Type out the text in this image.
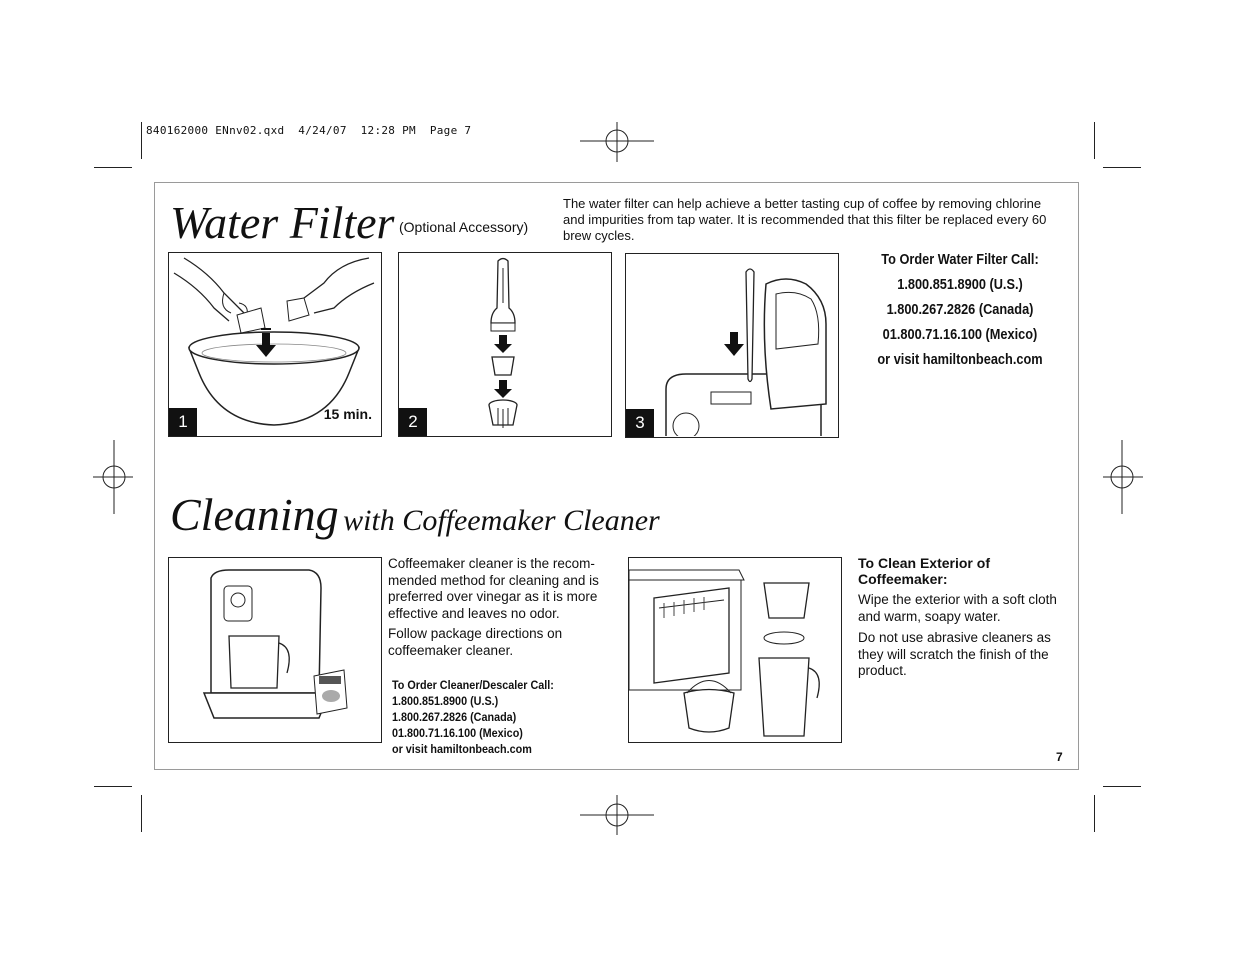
840162000 ENnv02.qxd  4/24/07  12:28 PM  Page 7
Water Filter (Optional Accessory)
The water filter can help achieve a better tasting cup of coffee by removing chlorine and impurities from tap water. It is recommended that this filter be replaced every 60 brew cycles.
To Order Water Filter Call:
1.800.851.8900 (U.S.)
1.800.267.2826 (Canada)
01.800.71.16.100 (Mexico)
or visit hamiltonbeach.com
1	15 min.	2	3
Cleaning with Coffeemaker Cleaner
Coffeemaker cleaner is the recom-mended method for cleaning and is preferred over vinegar as it is more effective and leaves no odor.
Follow package directions on coffeemaker cleaner.
To Order Cleaner/Descaler Call:
1.800.851.8900 (U.S.)
1.800.267.2826 (Canada)
01.800.71.16.100 (Mexico)
or visit hamiltonbeach.com
To Clean Exterior of Coffeemaker:
Wipe the exterior with a soft cloth and warm, soapy water.
Do not use abrasive cleaners as they will scratch the finish of the product.
7
